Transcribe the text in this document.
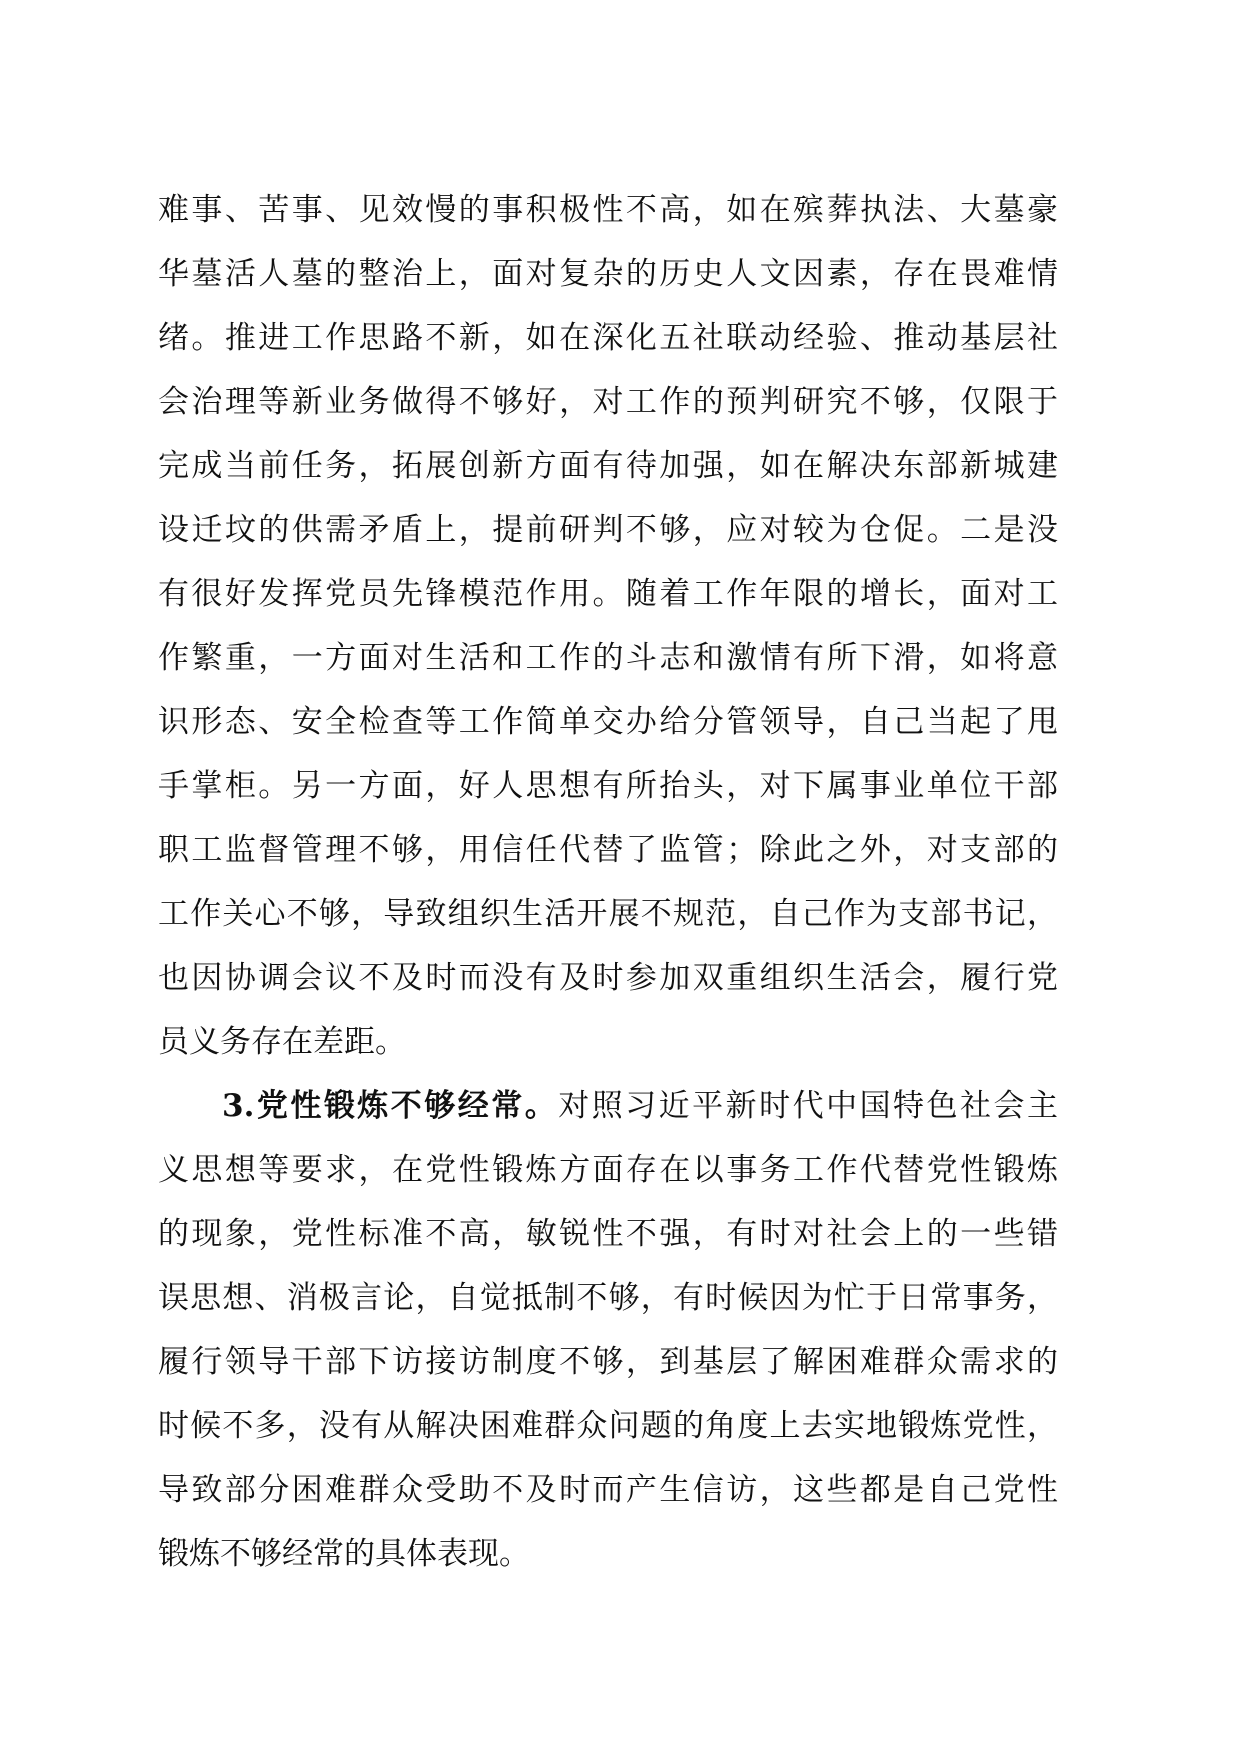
难事、苦事、见效慢的事积极性不高，如在殡葬执法、大墓豪
华墓活人墓的整治上，面对复杂的历史人文因素，存在畏难情
绪。推进工作思路不新，如在深化五社联动经验、推动基层社
会治理等新业务做得不够好，对工作的预判研究不够，仅限于
完成当前任务，拓展创新方面有待加强，如在解决东部新城建
设迁坟的供需矛盾上，提前研判不够，应对较为仓促。二是没
有很好发挥党员先锋模范作用。随着工作年限的增长，面对工
作繁重，一方面对生活和工作的斗志和激情有所下滑，如将意
识形态、安全检查等工作简单交办给分管领导，自己当起了甩
手掌柜。另一方面，好人思想有所抬头，对下属事业单位干部
职工监督管理不够，用信任代替了监管；除此之外，对支部的
工作关心不够，导致组织生活开展不规范，自己作为支部书记，
也因协调会议不及时而没有及时参加双重组织生活会，履行党
员义务存在差距。
3.党性锻炼不够经常。对照习近平新时代中国特色社会主
义思想等要求，在党性锻炼方面存在以事务工作代替党性锻炼
的现象，党性标准不高，敏锐性不强，有时对社会上的一些错
误思想、消极言论，自觉抵制不够，有时候因为忙于日常事务，
履行领导干部下访接访制度不够，到基层了解困难群众需求的
时候不多，没有从解决困难群众问题的角度上去实地锻炼党性，
导致部分困难群众受助不及时而产生信访，这些都是自己党性
锻炼不够经常的具体表现。
